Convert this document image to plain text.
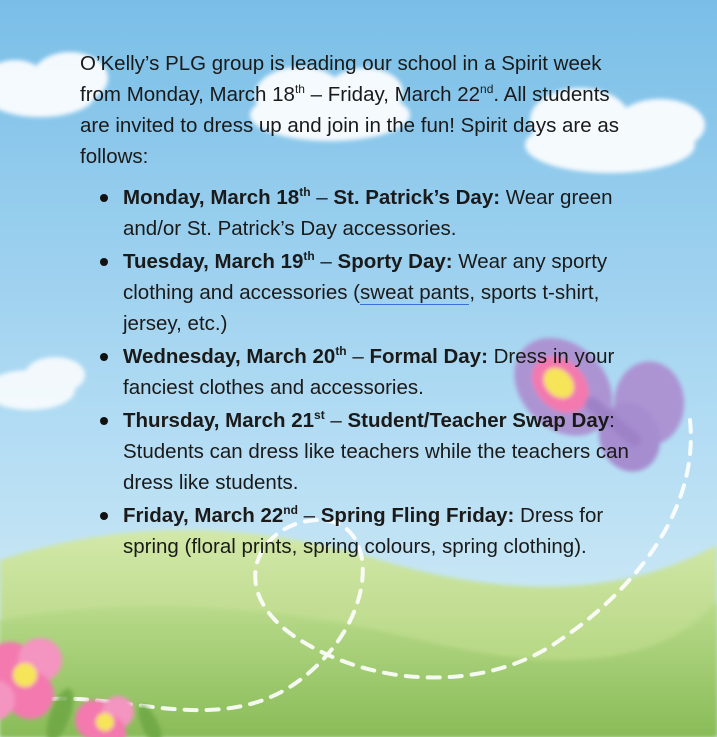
O’Kelly’s PLG group is leading our school in a Spirit week from Monday, March 18th – Friday, March 22nd. All students are invited to dress up and join in the fun! Spirit days are as follows:

Monday, March 18th – St. Patrick’s Day: Wear green and/or St. Patrick’s Day accessories.
Tuesday, March 19th – Sporty Day: Wear any sporty clothing and accessories (sweat pants, sports t-shirt, jersey, etc.)
Wednesday, March 20th – Formal Day: Dress in your fanciest clothes and accessories.
Thursday, March 21st – Student/Teacher Swap Day: Students can dress like teachers while the teachers can dress like students.
Friday, March 22nd – Spring Fling Friday: Dress for spring (floral prints, spring colours, spring clothing).
